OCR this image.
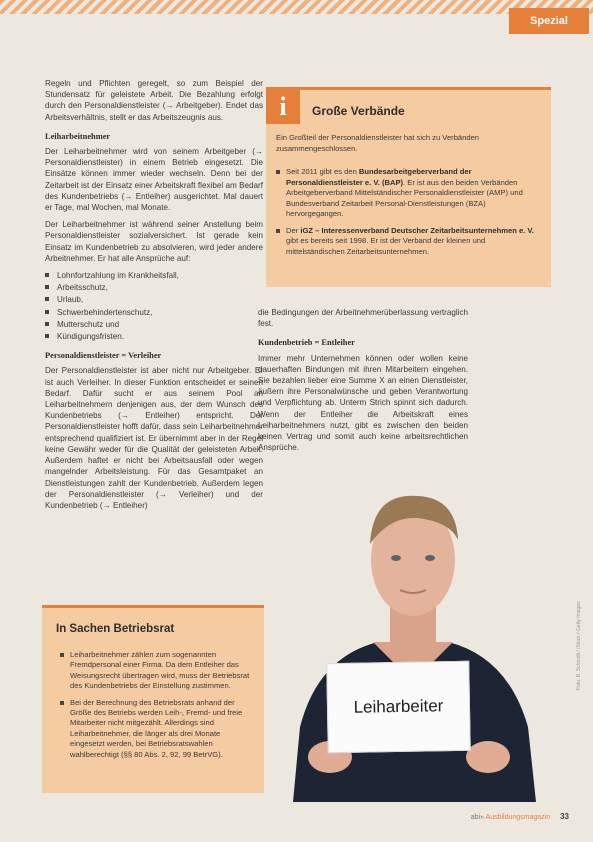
Spezial

Regeln und Pflichten geregelt, so zum Beispiel der Stundensatz für geleistete Arbeit. Die Bezahlung erfolgt durch den Personaldienstleister (→ Arbeitgeber). Endet das Arbeitsverhältnis, stellt er das Arbeitszeugnis aus.

Leiharbeitnehmer

Der Leiharbeitnehmer wird von seinem Arbeitgeber (→ Personaldienstleister) in einem Betrieb eingesetzt. Die Einsätze können immer wieder wechseln. Denn bei der Zeitarbeit ist der Einsatz einer Arbeitskraft flexibel am Bedarf des Kundenbetriebs (→ Entleiher) ausgerichtet. Mal dauert er Tage, mal Wochen, mal Monate.

Der Leiharbeitnehmer ist während seiner Anstellung beim Personaldienstleister sozialversichert. Ist gerade kein Einsatz im Kundenbetrieb zu absolvieren, wird jeder andere Arbeitnehmer. Er hat alle Ansprüche auf:

Lohnfortzahlung im Krankheitsfall,
Arbeitsschutz,
Urlaub,
Schwerbehindertenschutz,
Mutterschutz und
Kündigungsfristen.
Personaldienstleister = Verleiher

Der Personaldienstleister ist aber nicht nur Arbeitgeber. Er ist auch Verleiher. In dieser Funktion entscheidet er seinen Bedarf. Dafür sucht er aus seinem Pool an Leiharbeitnehmern denjenigen aus, der dem Wunsch des Kundenbetriebs (→ Entleiher) entspricht. Der Personaldienstleister hofft dafür, dass sein Leiharbeitnehmer entsprechend qualifiziert ist. Er übernimmt aber in der Regel keine Gewähr weder für die Qualität der geleisteten Arbeit. Außerdem haftet er nicht bei Arbeitsausfall oder wegen mangelnder Arbeitsleistung. Für das Gesamtpaket an Dienstleistungen zahlt der Kundenbetrieb. Außerdem legen der Personaldienstleister (→ Verleiher) und der Kundenbetrieb (→ Entleiher)

i Große Verbände

Ein Großteil der Personaldienstleister hat sich zu Verbänden zusammengeschlossen.

Seit 2011 gibt es den Bundesarbeitgeberverband der Personaldienstleister e. V. (BAP). Er ist aus den beiden Verbänden Arbeitgeberverband Mittelständischer Personaldienstleister (AMP) und Bundesverband Zeitarbeit Personal-Dienstleistungen (BZA) hervorgegangen.
Der iGZ – Interessenverband Deutscher Zeitarbeitsunternehmen e. V. gibt es bereits seit 1998. Er ist der Verband der kleinen und mittelständischen Zeitarbeitsunternehmen.

die Bedingungen der Arbeitnehmerüberlassung vertraglich fest.

Kundenbetrieb = Entleiher

Immer mehr Unternehmen können oder wollen keine dauerhaften Bindungen mit ihren Mitarbeitern eingehen. Sie bezahlen lieber eine Summe X an einen Dienstleister, äußern ihre Personalwünsche und geben Verantwortung und Verpflichtung ab. Unterm Strich spinnt sich dadurch. Wenn der Entleiher die Arbeitskraft eines Leiharbeitnehmers nutzt, gibt es zwischen den beiden keinen Vertrag und somit auch keine arbeitsrechtlichen Ansprüche.

In Sachen Betriebsrat
Leiharbeitnehmer zählen zum sogenannten Fremdpersonal einer Firma. Da dem Entleiher das Weisungsrecht übertragen wird, muss der Betriebsrat des Kundenbetriebs der Einstellung zustimmen.
Bei der Berechnung des Betriebsrats anhand der Größe des Betriebs werden Leih-, Fremd- und freie Mitarbeiter nicht mitgezählt. Allerdings sind Leiharbeitnehmer, die länger als drei Monate eingesetzt werden, bei Betriebsratswahlen wahlberechtigt (§§ 80 Abs. 2, 92, 99 BetrVG).
Leiharbeiter
Foto: B. Schmidt / iStock / Getty Images
abi» Ausbildungsmagazin 33
